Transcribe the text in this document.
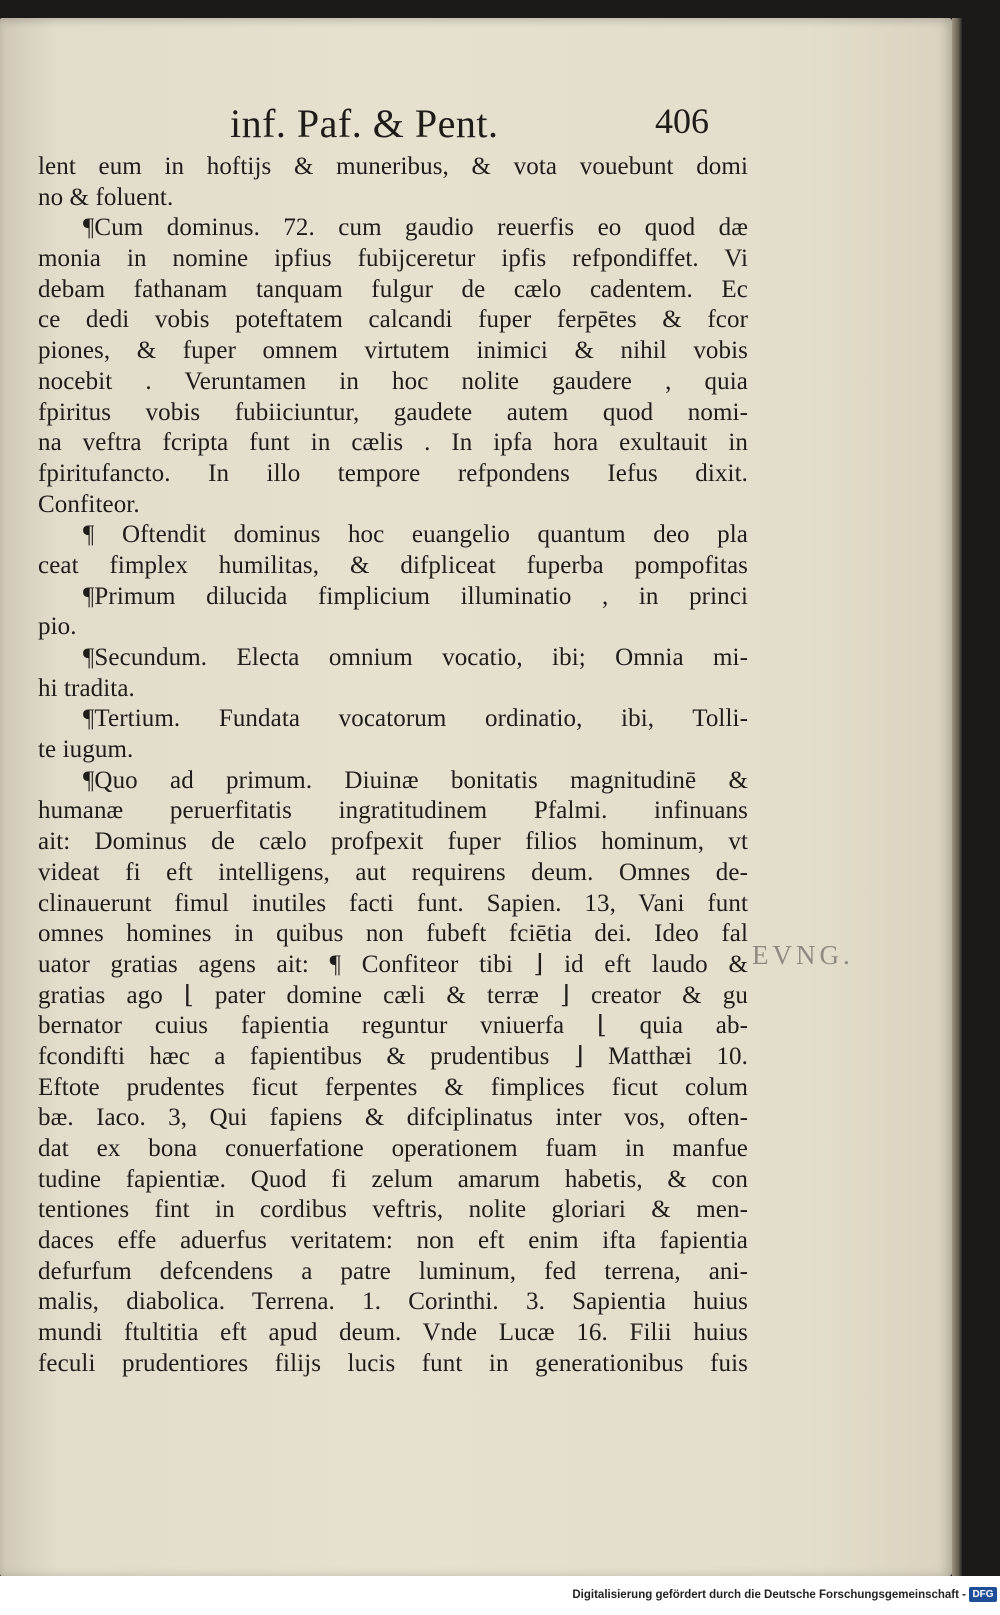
inf. Paf. & Pent.	406
lent eum in hoftijs & muneribus, & vota vouebunt domi
no & foluent.
¶Cum dominus. 72. cum gaudio reuerfis eo quod dæ
monia in nomine ipfius fubijceretur ipfis refpondiffet. Vi
debam fathanam tanquam fulgur de cælo cadentem. Ec
ce dedi vobis poteftatem calcandi fuper ferpētes & fcor
piones, & fuper omnem virtutem inimici & nihil vobis
nocebit . Veruntamen in hoc nolite gaudere , quia
fpiritus vobis fubiiciuntur, gaudete autem quod nomi-
na veftra fcripta funt in cælis . In ipfa hora exultauit in
fpiritufancto. In illo tempore refpondens Iefus dixit.
Confiteor.
¶ Oftendit dominus hoc euangelio quantum deo pla
ceat fimplex humilitas, & difpliceat fuperba pompofitas
¶Primum dilucida fimplicium illuminatio , in princi
pio.
¶Secundum. Electa omnium vocatio, ibi; Omnia mi-
hi tradita.
¶Tertium. Fundata vocatorum ordinatio, ibi, Tolli-
te iugum.
¶Quo ad primum. Diuinæ bonitatis magnitudinē &
humanæ peruerfitatis ingratitudinem Pfalmi. infinuans
ait: Dominus de cælo profpexit fuper filios hominum, vt
videat fi eft intelligens, aut requirens deum. Omnes de-
clinauerunt fimul inutiles facti funt. Sapien. 13, Vani funt
omnes homines in quibus non fubeft fciētia dei. Ideo fal
uator gratias agens ait: ¶ Confiteor tibi ⌋ id eft laudo &
gratias ago ⌊ pater domine cæli & terræ ⌋ creator & gu
bernator cuius fapientia reguntur vniuerfa ⌊ quia ab-
fcondifti hæc a fapientibus & prudentibus ⌋ Matthæi 10.
Eftote prudentes ficut ferpentes & fimplices ficut colum
bæ. Iaco. 3, Qui fapiens & difciplinatus inter vos, often-
dat ex bona conuerfatione operationem fuam in manfue
tudine fapientiæ. Quod fi zelum amarum habetis, & con
tentiones fint in cordibus veftris, nolite gloriari & men-
daces effe aduerfus veritatem: non eft enim ifta fapientia
defurfum defcendens a patre luminum, fed terrena, ani-
malis, diabolica. Terrena. 1. Corinthi. 3. Sapientia huius
mundi ftultitia eft apud deum. Vnde Lucæ 16. Filii huius
feculi prudentiores filijs lucis funt in generationibus fuis
EVNG.
Digitalisierung gefördert durch die Deutsche Forschungsgemeinschaft - DFG
